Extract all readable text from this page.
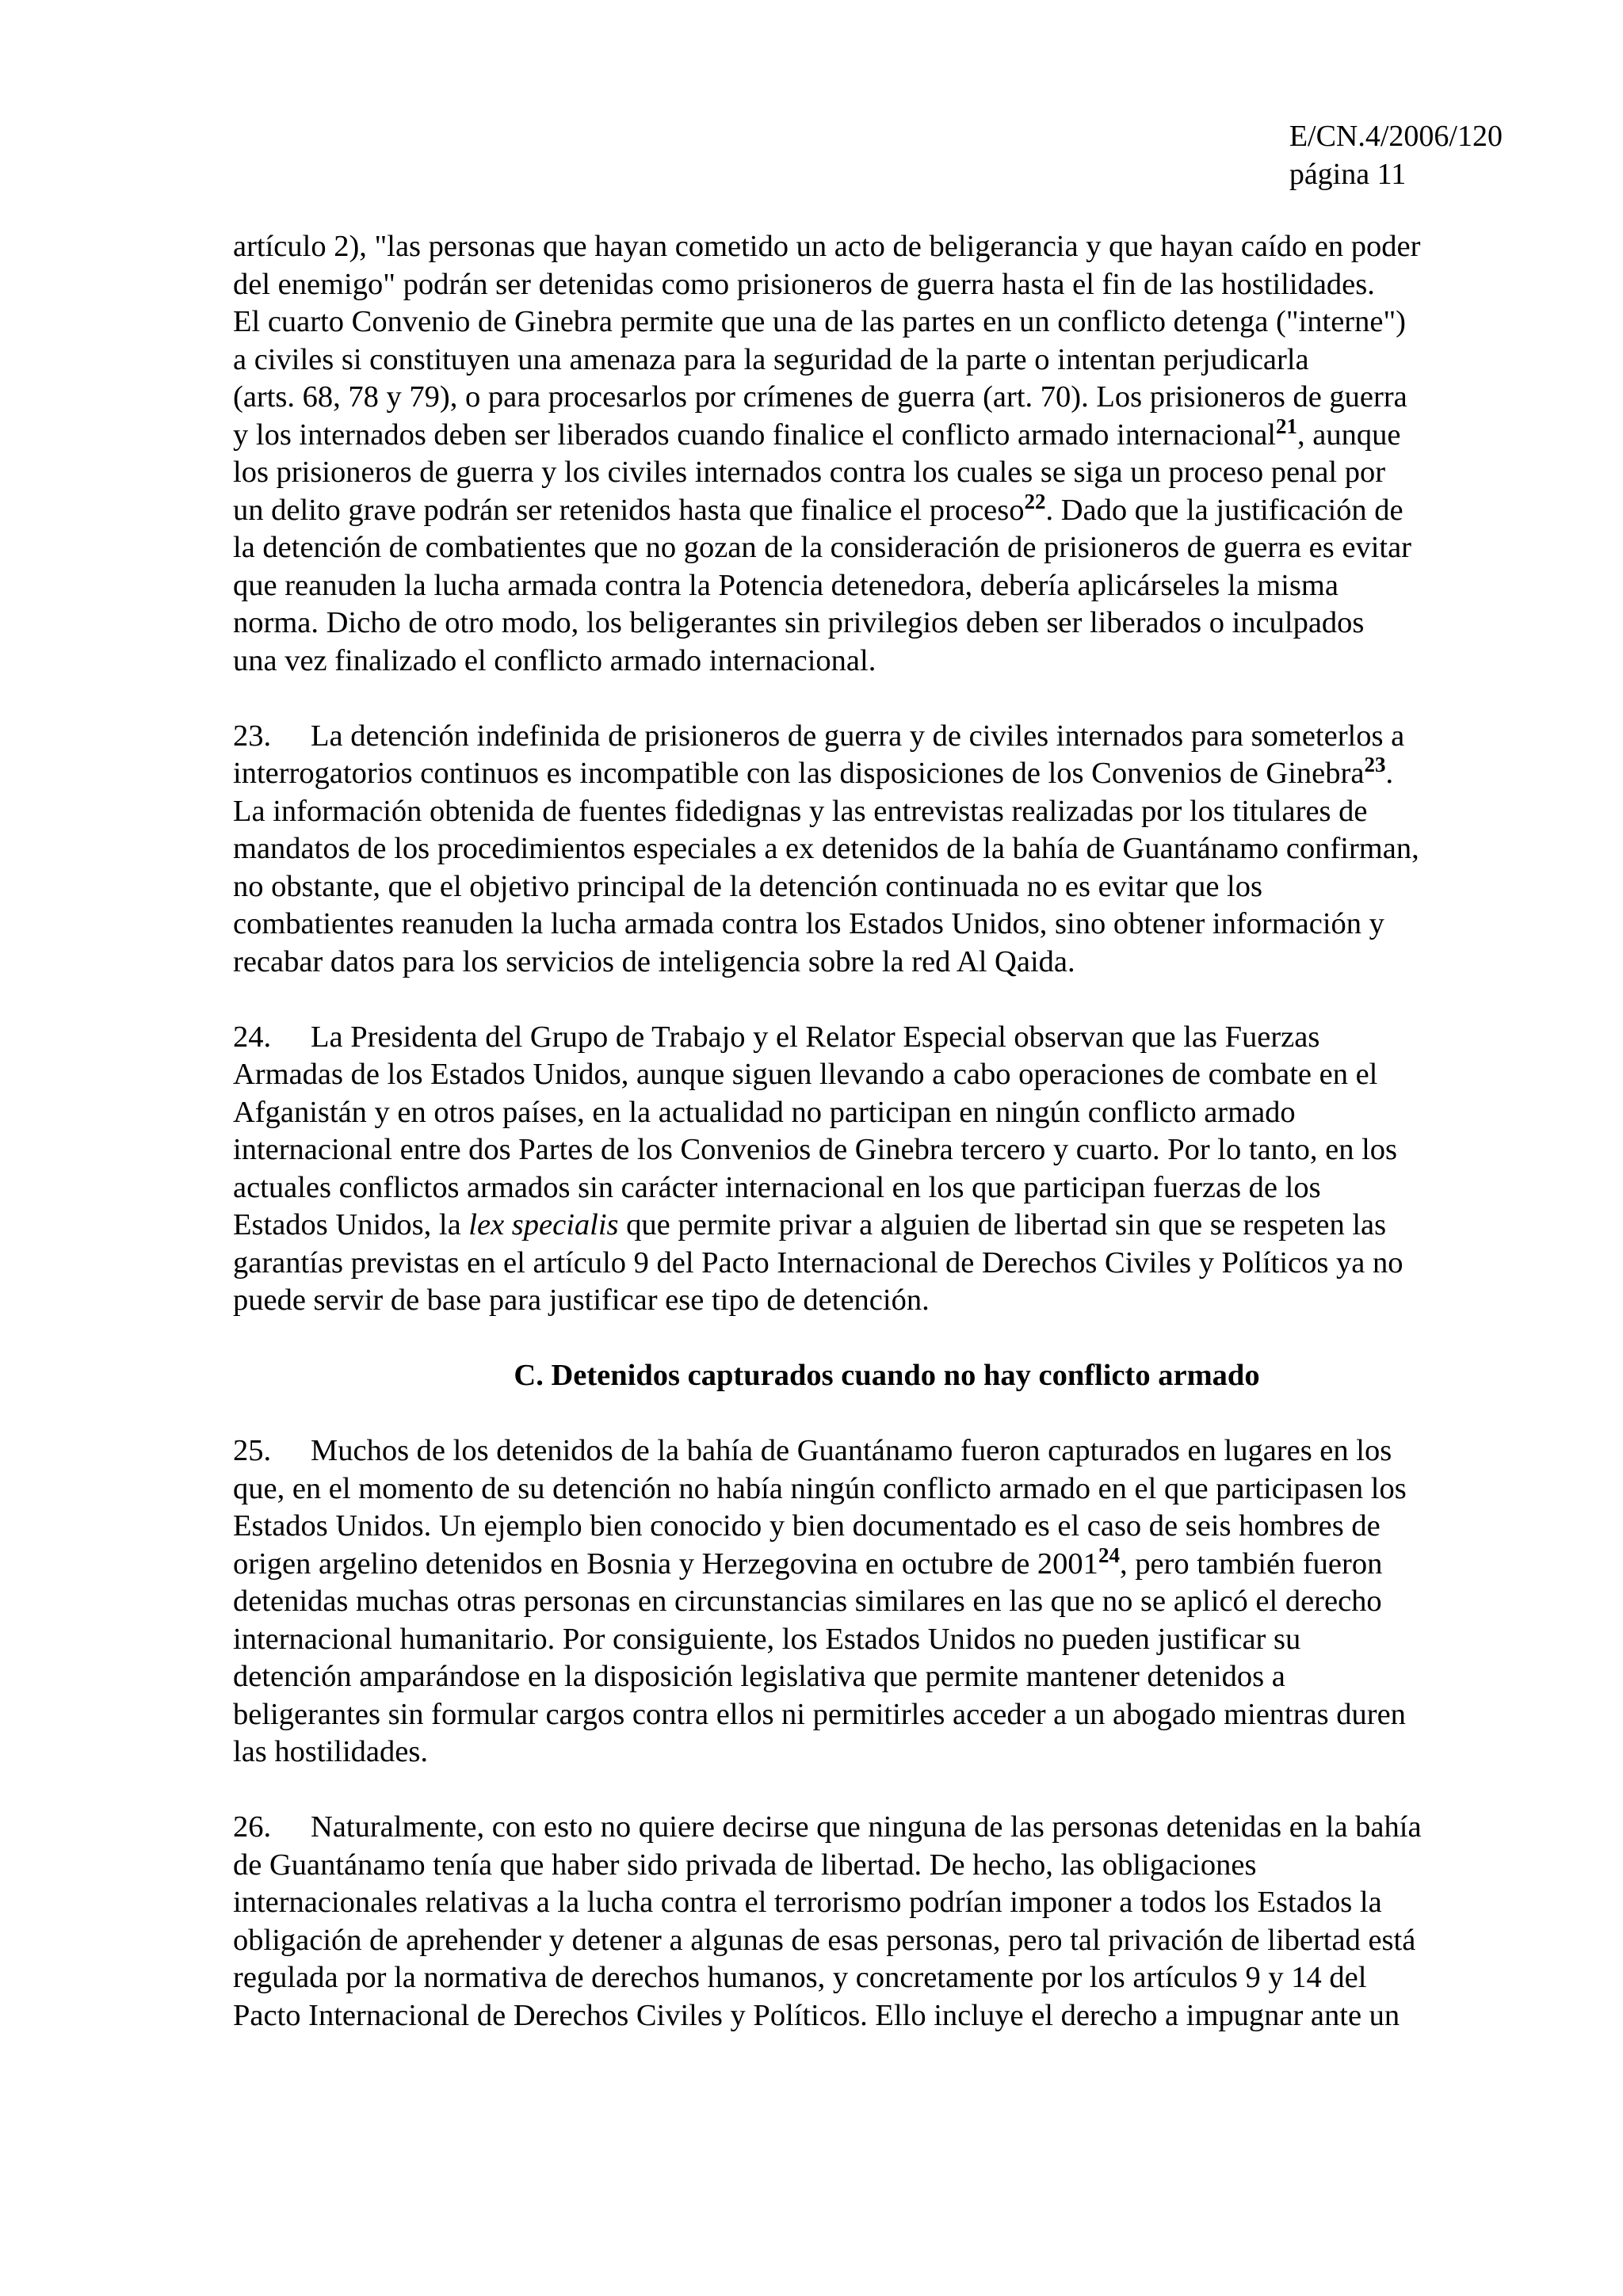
E/CN.4/2006/120
página 11
artículo 2), "las personas que hayan cometido un acto de beligerancia y que hayan caído en poder
del enemigo" podrán ser detenidas como prisioneros de guerra hasta el fin de las hostilidades.
El cuarto Convenio de Ginebra permite que una de las partes en un conflicto detenga ("interne")
a civiles si constituyen una amenaza para la seguridad de la parte o intentan perjudicarla
(arts. 68, 78 y 79), o para procesarlos por crímenes de guerra (art. 70). Los prisioneros de guerra
y los internados deben ser liberados cuando finalice el conflicto armado internacional$^{21}$, aunque
los prisioneros de guerra y los civiles internados contra los cuales se siga un proceso penal por
un delito grave podrán ser retenidos hasta que finalice el proceso$^{22}$. Dado que la justificación de
la detención de combatientes que no gozan de la consideración de prisioneros de guerra es evitar
que reanuden la lucha armada contra la Potencia detenedora, debería aplicárseles la misma
norma. Dicho de otro modo, los beligerantes sin privilegios deben ser liberados o inculpados
una vez finalizado el conflicto armado internacional.
23. La detención indefinida de prisioneros de guerra y de civiles internados para someterlos a
interrogatorios continuos es incompatible con las disposiciones de los Convenios de Ginebra$^{23}$.
La información obtenida de fuentes fidedignas y las entrevistas realizadas por los titulares de
mandatos de los procedimientos especiales a ex detenidos de la bahía de Guantánamo confirman,
no obstante, que el objetivo principal de la detención continuada no es evitar que los
combatientes reanuden la lucha armada contra los Estados Unidos, sino obtener información y
recabar datos para los servicios de inteligencia sobre la red Al Qaida.
24. La Presidenta del Grupo de Trabajo y el Relator Especial observan que las Fuerzas
Armadas de los Estados Unidos, aunque siguen llevando a cabo operaciones de combate en el
Afganistán y en otros países, en la actualidad no participan en ningún conflicto armado
internacional entre dos Partes de los Convenios de Ginebra tercero y cuarto. Por lo tanto, en los
actuales conflictos armados sin carácter internacional en los que participan fuerzas de los
Estados Unidos, la lex specialis que permite privar a alguien de libertad sin que se respeten las
garantías previstas en el artículo 9 del Pacto Internacional de Derechos Civiles y Políticos ya no
puede servir de base para justificar ese tipo de detención.
C. Detenidos capturados cuando no hay conflicto armado
25. Muchos de los detenidos de la bahía de Guantánamo fueron capturados en lugares en los
que, en el momento de su detención no había ningún conflicto armado en el que participasen los
Estados Unidos. Un ejemplo bien conocido y bien documentado es el caso de seis hombres de
origen argelino detenidos en Bosnia y Herzegovina en octubre de 2001$^{24}$, pero también fueron
detenidas muchas otras personas en circunstancias similares en las que no se aplicó el derecho
internacional humanitario. Por consiguiente, los Estados Unidos no pueden justificar su
detención amparándose en la disposición legislativa que permite mantener detenidos a
beligerantes sin formular cargos contra ellos ni permitirles acceder a un abogado mientras duren
las hostilidades.
26. Naturalmente, con esto no quiere decirse que ninguna de las personas detenidas en la bahía
de Guantánamo tenía que haber sido privada de libertad. De hecho, las obligaciones
internacionales relativas a la lucha contra el terrorismo podrían imponer a todos los Estados la
obligación de aprehender y detener a algunas de esas personas, pero tal privación de libertad está
regulada por la normativa de derechos humanos, y concretamente por los artículos 9 y 14 del
Pacto Internacional de Derechos Civiles y Políticos. Ello incluye el derecho a impugnar ante un
